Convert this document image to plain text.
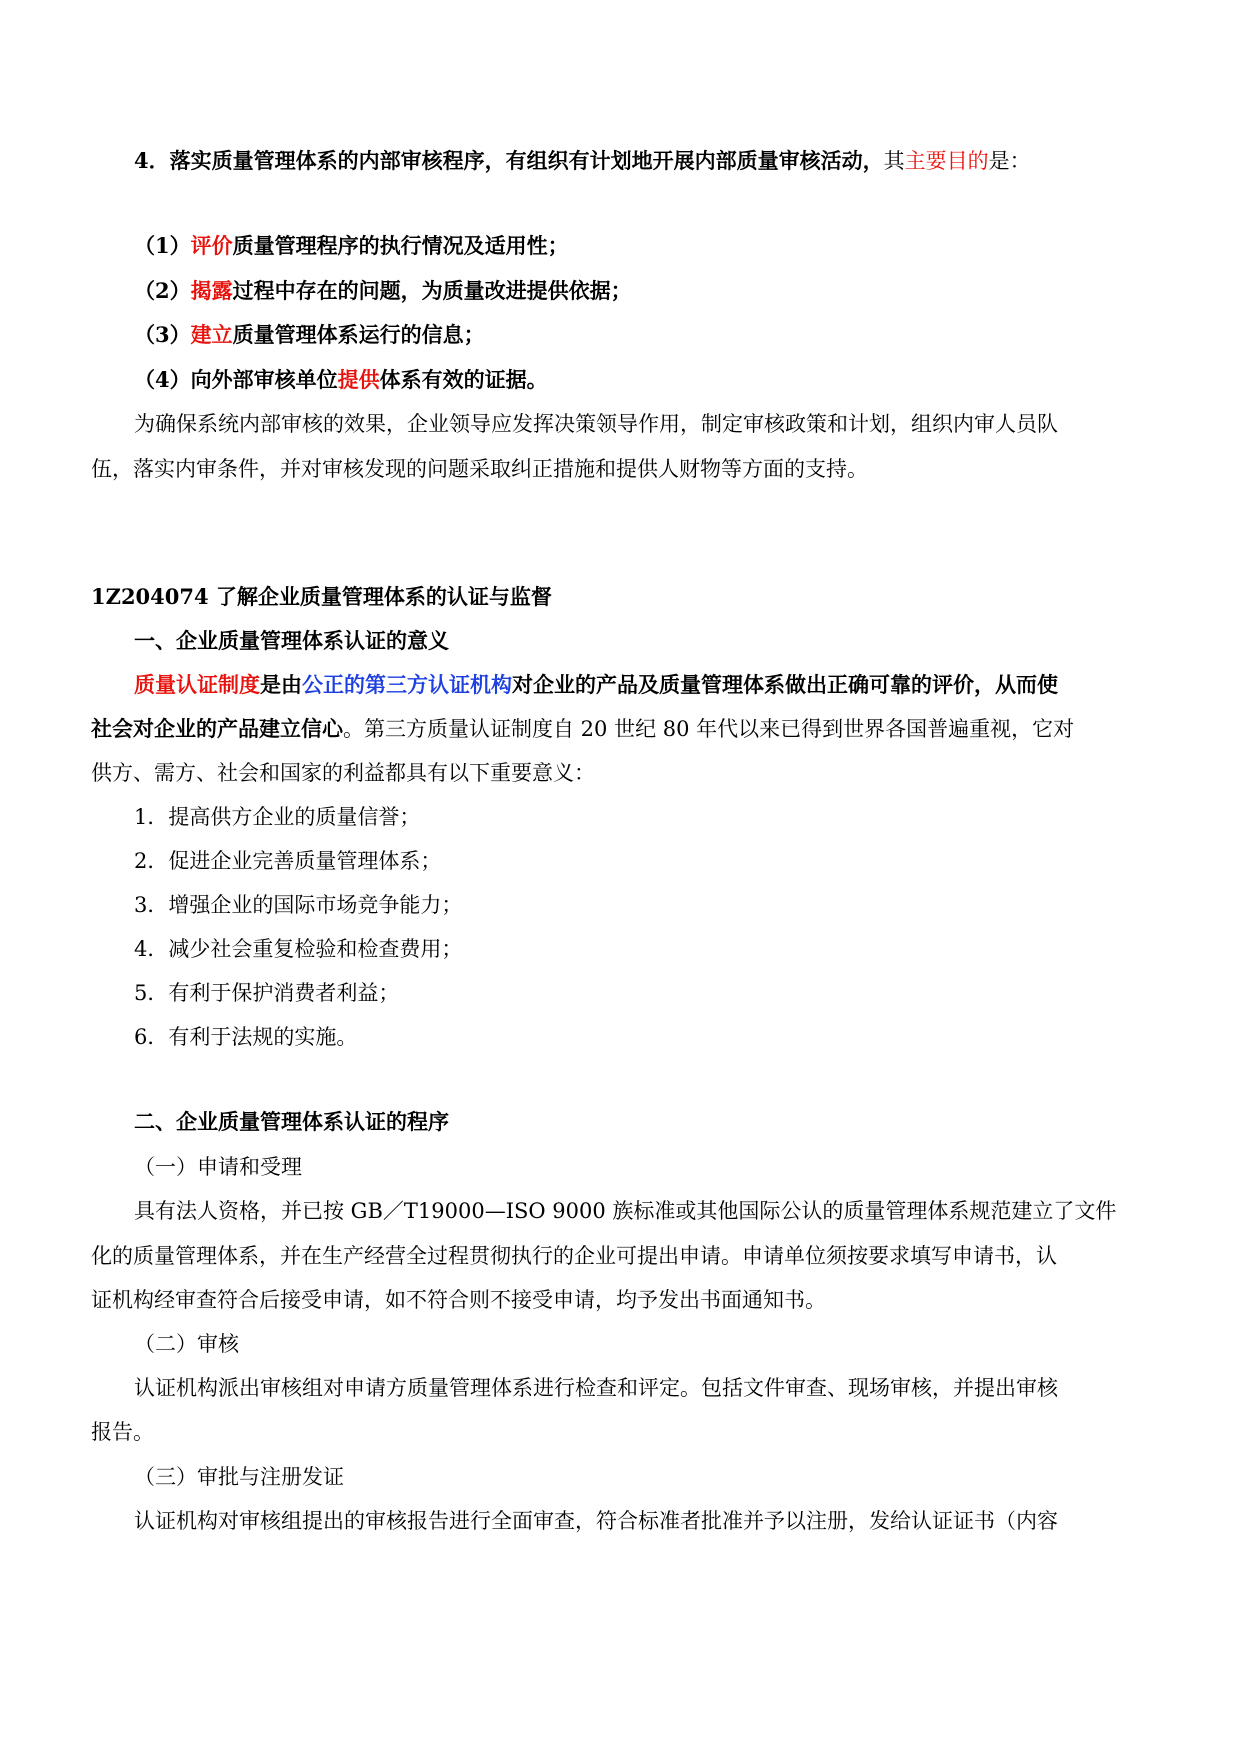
4．落实质量管理体系的内部审核程序，有组织有计划地开展内部质量审核活动，其主要目的是：
（1）评价质量管理程序的执行情况及适用性；
（2）揭露过程中存在的问题，为质量改进提供依据；
（3）建立质量管理体系运行的信息；
（4）向外部审核单位提供体系有效的证据。
为确保系统内部审核的效果，企业领导应发挥决策领导作用，制定审核政策和计划，组织内审人员队
伍，落实内审条件，并对审核发现的问题采取纠正措施和提供人财物等方面的支持。
1Z204074 了解企业质量管理体系的认证与监督
一、企业质量管理体系认证的意义
质量认证制度是由公正的第三方认证机构对企业的产品及质量管理体系做出正确可靠的评价，从而使
社会对企业的产品建立信心。第三方质量认证制度自 20 世纪 80 年代以来已得到世界各国普遍重视，它对
供方、需方、社会和国家的利益都具有以下重要意义：
1．提高供方企业的质量信誉；
2．促进企业完善质量管理体系；
3．增强企业的国际市场竞争能力；
4．减少社会重复检验和检查费用；
5．有利于保护消费者利益；
6．有利于法规的实施。
二、企业质量管理体系认证的程序
（一）申请和受理
具有法人资格，并已按 GB／T19000—ISO 9000 族标准或其他国际公认的质量管理体系规范建立了文件
化的质量管理体系，并在生产经营全过程贯彻执行的企业可提出申请。申请单位须按要求填写申请书，认
证机构经审查符合后接受申请，如不符合则不接受申请，均予发出书面通知书。
（二）审核
认证机构派出审核组对申请方质量管理体系进行检查和评定。包括文件审查、现场审核，并提出审核
报告。
（三）审批与注册发证
认证机构对审核组提出的审核报告进行全面审查，符合标准者批准并予以注册，发给认证证书（内容
